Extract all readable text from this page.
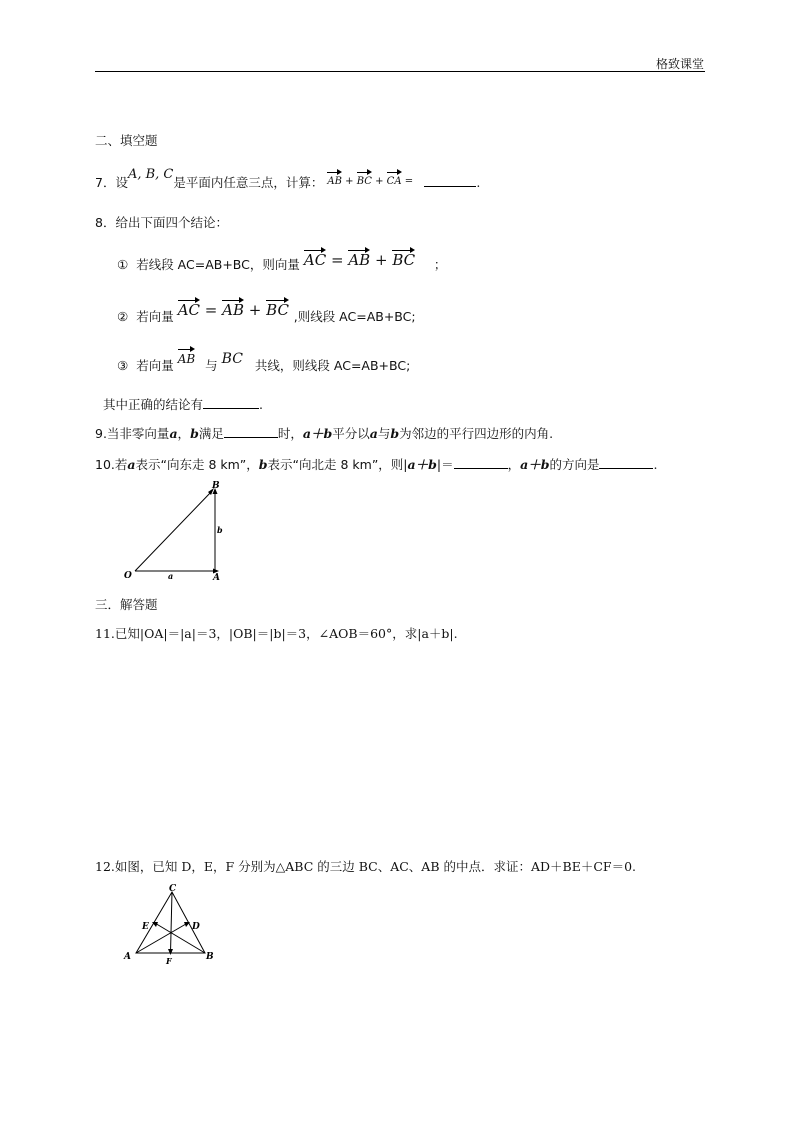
格致课堂
二、填空题
7．设$^{A, B, C}$是平面内任意三点，计算： $^{AB + BC + CA =}$	.
8．给出下面四个结论：
① 若线段 AC=AB+BC，则向量 AC = AB + BC ；
② 若向量 AC = AB + BC ,则线段 AC=AB+BC;
③ 若向量 AB 与 BC 共线，则线段 AC=AB+BC;
其中正确的结论有	.
9.当非零向量a，b满足	时，a＋b平分以a与b为邻边的平行四边形的内角.
10.若a表示“向东走 8 km”，b表示“向北走 8 km”，则|a＋b|＝	，a＋b的方向是	.
O	A
B
a
b
三．解答题
11.已知|OA|＝|a|＝3，|OB|＝|b|＝3，∠AOB＝60°，求|a＋b|.
12.如图，已知 D，E，F 分别为△ABC 的三边 BC、AC、AB 的中点．求证：AD＋BE＋CF＝0.
C
A	B
D
E
F
